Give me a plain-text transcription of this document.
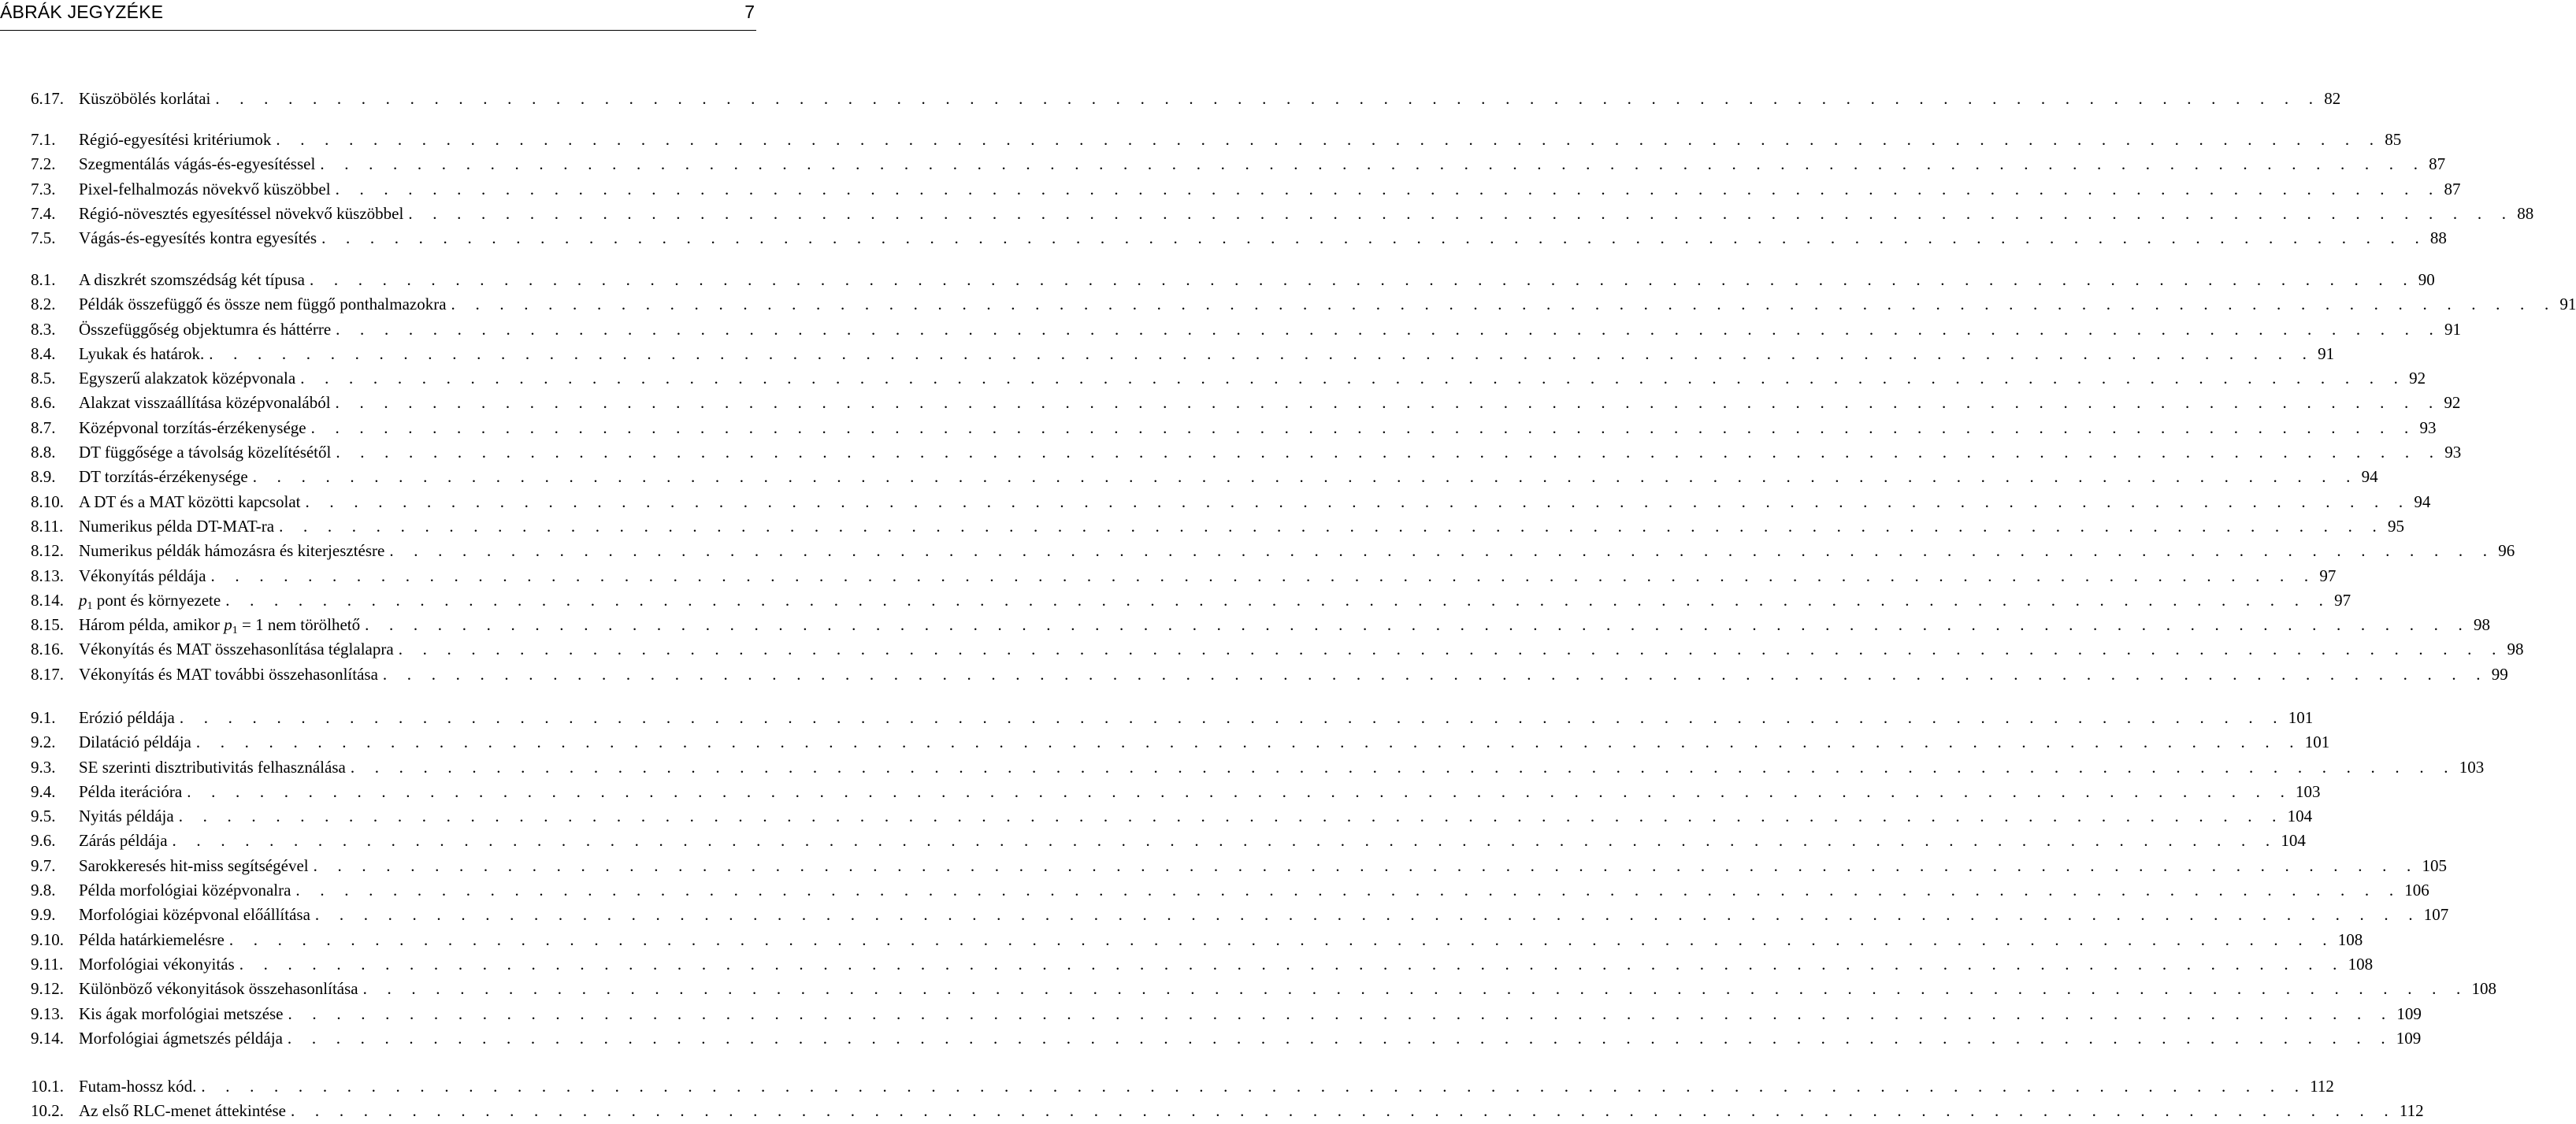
ÁBRÁK JEGYZÉKE	7
6.17. Küszöbölés korlátai . . . . . . . . . . . . . . . . . . . . . . . . . . . . . . . . . . . . . . . . . . . . . . . . . . . . . . . . . . . . . . . . . . . . . . . . . . . . . . . . . . . . . . . 82
7.1. Régió-egyesítési kritériumok . . . . . . . . . . . . . . . . . . . . . . . . . . . . . . . . . . . . . . . . . . . . . . . . . . . . . . . . . . . . . . . . . . . . . . . . . . . . . . . . . . . . . . . 85
7.2. Szegmentálás vágás-és-egyesítéssel . . . . . . . . . . . . . . . . . . . . . . . . . . . . . . . . . . . . . . . . . . . . . . . . . . . . . . . . . . . . . . . . . . . . . . . . . . . . . . . . . . . . . . . 87
7.3. Pixel-felhalmozás növekvő küszöbbel . . . . . . . . . . . . . . . . . . . . . . . . . . . . . . . . . . . . . . . . . . . . . . . . . . . . . . . . . . . . . . . . . . . . . . . . . . . . . . . . . . . . . . . 87
7.4. Régió-növesztés egyesítéssel növekvő küszöbbel . . . . . . . . . . . . . . . . . . . . . . . . . . . . . . . . . . . . . . . . . . . . . . . . . . . . . . . . . . . . . . . . . . . . . . . . . . . . . . . . . . . . . . . 88
7.5. Vágás-és-egyesítés kontra egyesítés . . . . . . . . . . . . . . . . . . . . . . . . . . . . . . . . . . . . . . . . . . . . . . . . . . . . . . . . . . . . . . . . . . . . . . . . . . . . . . . . . . . . . . . 88
8.1. A diszkrét szomszédság két típusa . . . . . . . . . . . . . . . . . . . . . . . . . . . . . . . . . . . . . . . . . . . . . . . . . . . . . . . . . . . . . . . . . . . . . . . . . . . . . . . . . . . . . . . 90
8.2. Példák összefüggő és össze nem függő ponthalmazokra . . . . . . . . . . . . . . . . . . . . . . . . . . . . . . . . . . . . . . . . . . . . . . . . . . . . . . . . . . . . . . . . . . . . . . . . . . . . . . . . . . . . . . . 91
8.3. Összefüggőség objektumra és háttérre . . . . . . . . . . . . . . . . . . . . . . . . . . . . . . . . . . . . . . . . . . . . . . . . . . . . . . . . . . . . . . . . . . . . . . . . . . . . . . . . . . . . . . . 91
8.4. Lyukak és határok. . . . . . . . . . . . . . . . . . . . . . . . . . . . . . . . . . . . . . . . . . . . . . . . . . . . . . . . . . . . . . . . . . . . . . . . . . . . . . . . . . . . . . . . 91
8.5. Egyszerű alakzatok középvonala . . . . . . . . . . . . . . . . . . . . . . . . . . . . . . . . . . . . . . . . . . . . . . . . . . . . . . . . . . . . . . . . . . . . . . . . . . . . . . . . . . . . . . . 92
8.6. Alakzat visszaállítása középvonalából . . . . . . . . . . . . . . . . . . . . . . . . . . . . . . . . . . . . . . . . . . . . . . . . . . . . . . . . . . . . . . . . . . . . . . . . . . . . . . . . . . . . . . . 92
8.7. Középvonal torzítás-érzékenysége . . . . . . . . . . . . . . . . . . . . . . . . . . . . . . . . . . . . . . . . . . . . . . . . . . . . . . . . . . . . . . . . . . . . . . . . . . . . . . . . . . . . . . . 93
8.8. DT függősége a távolság közelítésétől . . . . . . . . . . . . . . . . . . . . . . . . . . . . . . . . . . . . . . . . . . . . . . . . . . . . . . . . . . . . . . . . . . . . . . . . . . . . . . . . . . . . . . . 93
8.9. DT torzítás-érzékenysége . . . . . . . . . . . . . . . . . . . . . . . . . . . . . . . . . . . . . . . . . . . . . . . . . . . . . . . . . . . . . . . . . . . . . . . . . . . . . . . . . . . . . . . 94
8.10. A DT és a MAT közötti kapcsolat . . . . . . . . . . . . . . . . . . . . . . . . . . . . . . . . . . . . . . . . . . . . . . . . . . . . . . . . . . . . . . . . . . . . . . . . . . . . . . . . . . . . . . . 94
8.11. Numerikus példa DT-MAT-ra . . . . . . . . . . . . . . . . . . . . . . . . . . . . . . . . . . . . . . . . . . . . . . . . . . . . . . . . . . . . . . . . . . . . . . . . . . . . . . . . . . . . . . . 95
8.12. Numerikus példák hámozásra és kiterjesztésre . . . . . . . . . . . . . . . . . . . . . . . . . . . . . . . . . . . . . . . . . . . . . . . . . . . . . . . . . . . . . . . . . . . . . . . . . . . . . . . . . . . . . . . 96
8.13. Vékonyítás példája . . . . . . . . . . . . . . . . . . . . . . . . . . . . . . . . . . . . . . . . . . . . . . . . . . . . . . . . . . . . . . . . . . . . . . . . . . . . . . . . . . . . . . . 97
8.14. $p_1$ pont és környezete . . . . . . . . . . . . . . . . . . . . . . . . . . . . . . . . . . . . . . . . . . . . . . . . . . . . . . . . . . . . . . . . . . . . . . . . . . . . . . . . . . . . . . . 97
8.15. Három példa, amikor $p_1 = 1$ nem törölhető . . . . . . . . . . . . . . . . . . . . . . . . . . . . . . . . . . . . . . . . . . . . . . . . . . . . . . . . . . . . . . . . . . . . . . . . . . . . . . . . . . . . . . . 98
8.16. Vékonyítás és MAT összehasonlítása téglalapra . . . . . . . . . . . . . . . . . . . . . . . . . . . . . . . . . . . . . . . . . . . . . . . . . . . . . . . . . . . . . . . . . . . . . . . . . . . . . . . . . . . . . . . 98
8.17. Vékonyítás és MAT további összehasonlítása . . . . . . . . . . . . . . . . . . . . . . . . . . . . . . . . . . . . . . . . . . . . . . . . . . . . . . . . . . . . . . . . . . . . . . . . . . . . . . . . . . . . . . . 99
9.1. Erózió példája . . . . . . . . . . . . . . . . . . . . . . . . . . . . . . . . . . . . . . . . . . . . . . . . . . . . . . . . . . . . . . . . . . . . . . . . . . . . . . . . . . . . . . . 101
9.2. Dilatáció példája . . . . . . . . . . . . . . . . . . . . . . . . . . . . . . . . . . . . . . . . . . . . . . . . . . . . . . . . . . . . . . . . . . . . . . . . . . . . . . . . . . . . . . . 101
9.3. SE szerinti disztributivitás felhasználása . . . . . . . . . . . . . . . . . . . . . . . . . . . . . . . . . . . . . . . . . . . . . . . . . . . . . . . . . . . . . . . . . . . . . . . . . . . . . . . . . . . . . . . 103
9.4. Példa iterációra . . . . . . . . . . . . . . . . . . . . . . . . . . . . . . . . . . . . . . . . . . . . . . . . . . . . . . . . . . . . . . . . . . . . . . . . . . . . . . . . . . . . . . . 103
9.5. Nyitás példája . . . . . . . . . . . . . . . . . . . . . . . . . . . . . . . . . . . . . . . . . . . . . . . . . . . . . . . . . . . . . . . . . . . . . . . . . . . . . . . . . . . . . . . 104
9.6. Zárás példája . . . . . . . . . . . . . . . . . . . . . . . . . . . . . . . . . . . . . . . . . . . . . . . . . . . . . . . . . . . . . . . . . . . . . . . . . . . . . . . . . . . . . . . 104
9.7. Sarokkeresés hit-miss segítségével . . . . . . . . . . . . . . . . . . . . . . . . . . . . . . . . . . . . . . . . . . . . . . . . . . . . . . . . . . . . . . . . . . . . . . . . . . . . . . . . . . . . . . . 105
9.8. Példa morfológiai középvonalra . . . . . . . . . . . . . . . . . . . . . . . . . . . . . . . . . . . . . . . . . . . . . . . . . . . . . . . . . . . . . . . . . . . . . . . . . . . . . . . . . . . . . . . 106
9.9. Morfológiai középvonal előállítása . . . . . . . . . . . . . . . . . . . . . . . . . . . . . . . . . . . . . . . . . . . . . . . . . . . . . . . . . . . . . . . . . . . . . . . . . . . . . . . . . . . . . . . 107
9.10. Példa határkiemelésre . . . . . . . . . . . . . . . . . . . . . . . . . . . . . . . . . . . . . . . . . . . . . . . . . . . . . . . . . . . . . . . . . . . . . . . . . . . . . . . . . . . . . . . 108
9.11. Morfológiai vékonyitás . . . . . . . . . . . . . . . . . . . . . . . . . . . . . . . . . . . . . . . . . . . . . . . . . . . . . . . . . . . . . . . . . . . . . . . . . . . . . . . . . . . . . . . 108
9.12. Különböző vékonyitások összehasonlítása . . . . . . . . . . . . . . . . . . . . . . . . . . . . . . . . . . . . . . . . . . . . . . . . . . . . . . . . . . . . . . . . . . . . . . . . . . . . . . . . . . . . . . . 108
9.13. Kis ágak morfológiai metszése . . . . . . . . . . . . . . . . . . . . . . . . . . . . . . . . . . . . . . . . . . . . . . . . . . . . . . . . . . . . . . . . . . . . . . . . . . . . . . . . . . . . . . . 109
9.14. Morfológiai ágmetszés példája . . . . . . . . . . . . . . . . . . . . . . . . . . . . . . . . . . . . . . . . . . . . . . . . . . . . . . . . . . . . . . . . . . . . . . . . . . . . . . . . . . . . . . . 109
10.1. Futam-hossz kód. . . . . . . . . . . . . . . . . . . . . . . . . . . . . . . . . . . . . . . . . . . . . . . . . . . . . . . . . . . . . . . . . . . . . . . . . . . . . . . . . . . . . . . . 112
10.2. Az első RLC-menet áttekintése . . . . . . . . . . . . . . . . . . . . . . . . . . . . . . . . . . . . . . . . . . . . . . . . . . . . . . . . . . . . . . . . . . . . . . . . . . . . . . . . . . . . . . . 112
